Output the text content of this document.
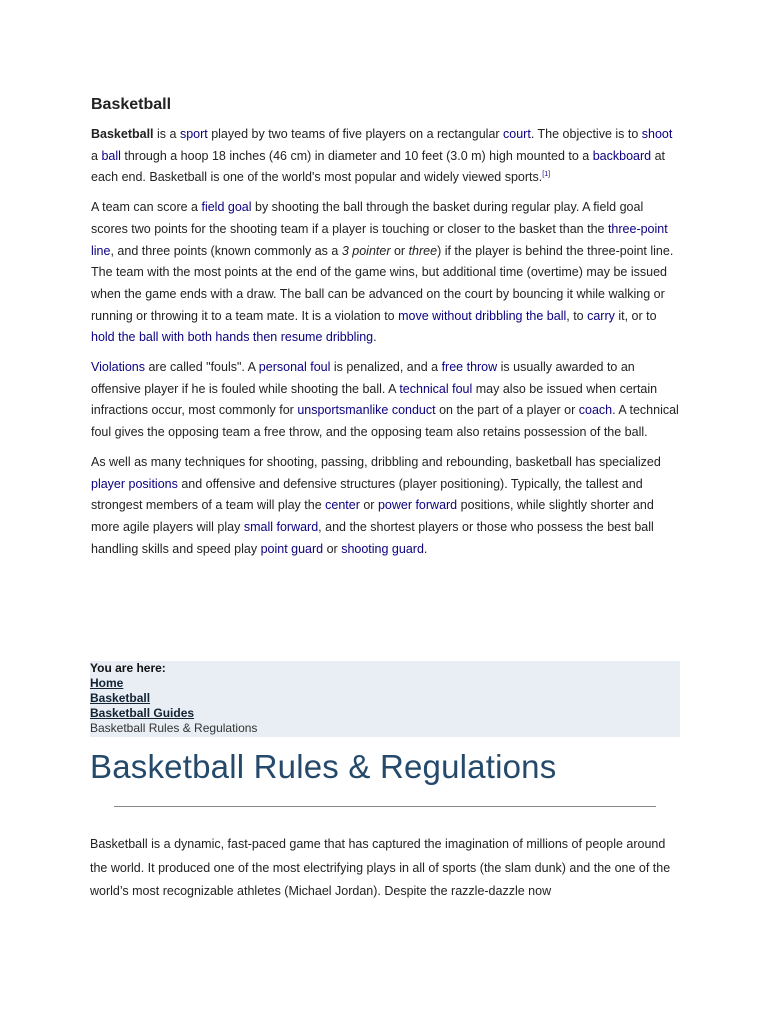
Basketball

Basketball is a sport played by two teams of five players on a rectangular court. The objective is to shoot a ball through a hoop 18 inches (46 cm) in diameter and 10 feet (3.0 m) high mounted to a backboard at each end. Basketball is one of the world's most popular and widely viewed sports.[1]

A team can score a field goal by shooting the ball through the basket during regular play. A field goal scores two points for the shooting team if a player is touching or closer to the basket than the three-point line, and three points (known commonly as a 3 pointer or three) if the player is behind the three-point line. The team with the most points at the end of the game wins, but additional time (overtime) may be issued when the game ends with a draw. The ball can be advanced on the court by bouncing it while walking or running or throwing it to a team mate. It is a violation to move without dribbling the ball, to carry it, or to hold the ball with both hands then resume dribbling.

Violations are called "fouls". A personal foul is penalized, and a free throw is usually awarded to an offensive player if he is fouled while shooting the ball. A technical foul may also be issued when certain infractions occur, most commonly for unsportsmanlike conduct on the part of a player or coach. A technical foul gives the opposing team a free throw, and the opposing team also retains possession of the ball.

As well as many techniques for shooting, passing, dribbling and rebounding, basketball has specialized player positions and offensive and defensive structures (player positioning). Typically, the tallest and strongest members of a team will play the center or power forward positions, while slightly shorter and more agile players will play small forward, and the shortest players or those who possess the best ball handling skills and speed play point guard or shooting guard.

You are here:
Home
Basketball
Basketball Guides
Basketball Rules & Regulations
Basketball Rules & Regulations

Basketball is a dynamic, fast-paced game that has captured the imagination of millions of people around the world. It produced one of the most electrifying plays in all of sports (the slam dunk) and the one of the world’s most recognizable athletes (Michael Jordan). Despite the razzle-dazzle now
